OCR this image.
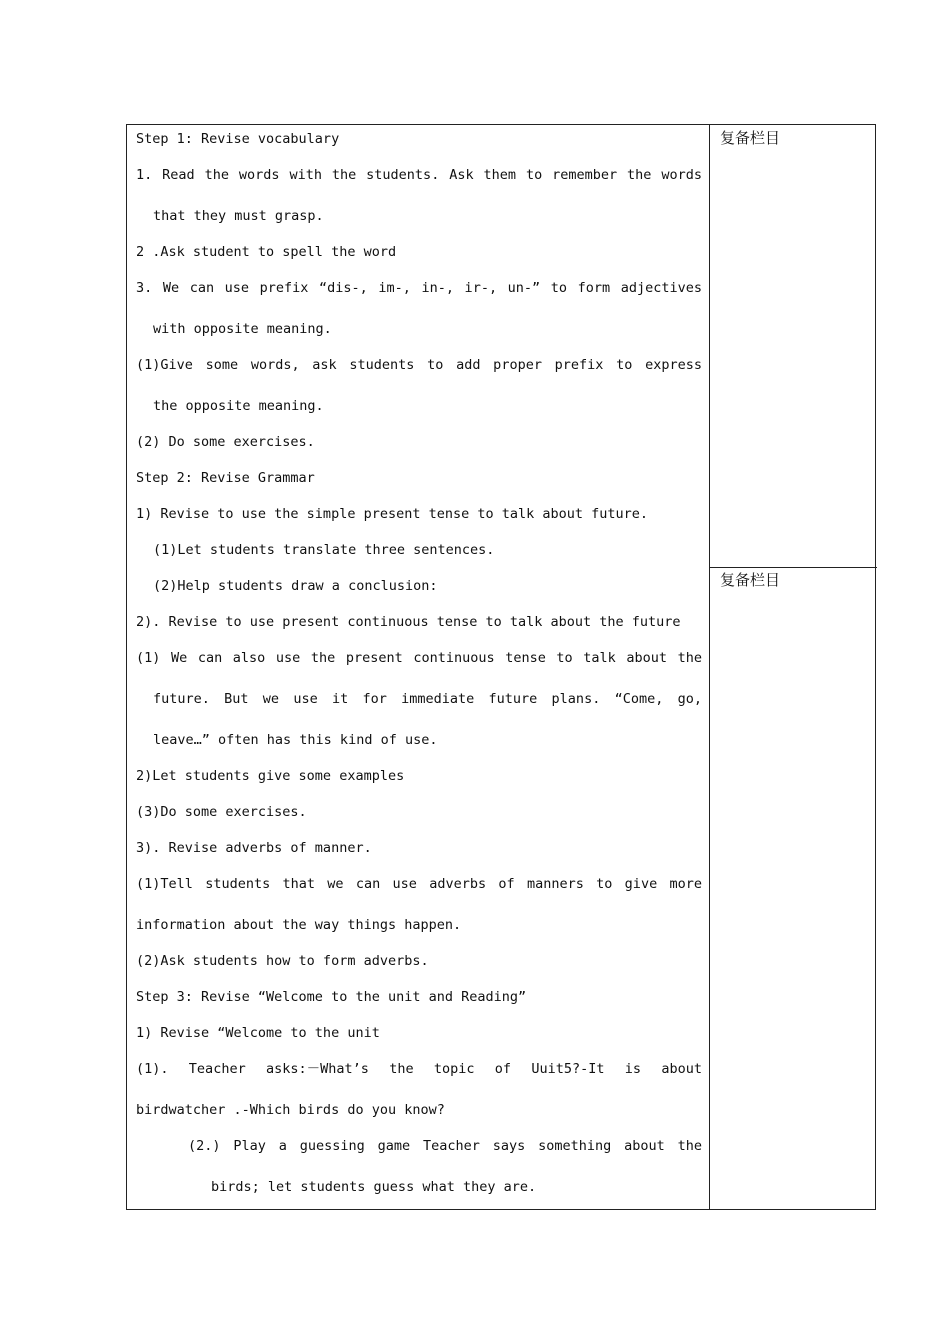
复备栏目
复备栏目
Step 1: Revise vocabulary
1. Read the words with the students. Ask them to remember the words
that they must grasp.
2 .Ask student to spell the word
3. We can use prefix “dis-, im-, in-, ir-, un-” to form adjectives
with opposite meaning.
(1)Give some words, ask students to add proper prefix to express
the opposite meaning.
(2) Do some exercises.
Step 2: Revise Grammar
1) Revise to use the simple present tense to talk about future.
(1)Let students translate three sentences.
(2)Help students draw a conclusion:
2). Revise to use present continuous tense to talk about the future
(1) We can also use the present continuous tense to talk about the
future. But we use it for immediate future plans. “Come, go,
leave…” often has this kind of use.
2)Let students give some examples
(3)Do some exercises.
3). Revise adverbs of manner.
(1)Tell students that we can use adverbs of manners to give more
information about the way things happen.
(2)Ask students how to form adverbs.
Step 3: Revise “Welcome to the unit and Reading”
1) Revise “Welcome to the unit
(1). Teacher asks:－What’s the topic of Uuit5?-It is about
birdwatcher .-Which birds do you know?
(2.) Play a guessing game Teacher says something about the
birds; let students guess what they are.
